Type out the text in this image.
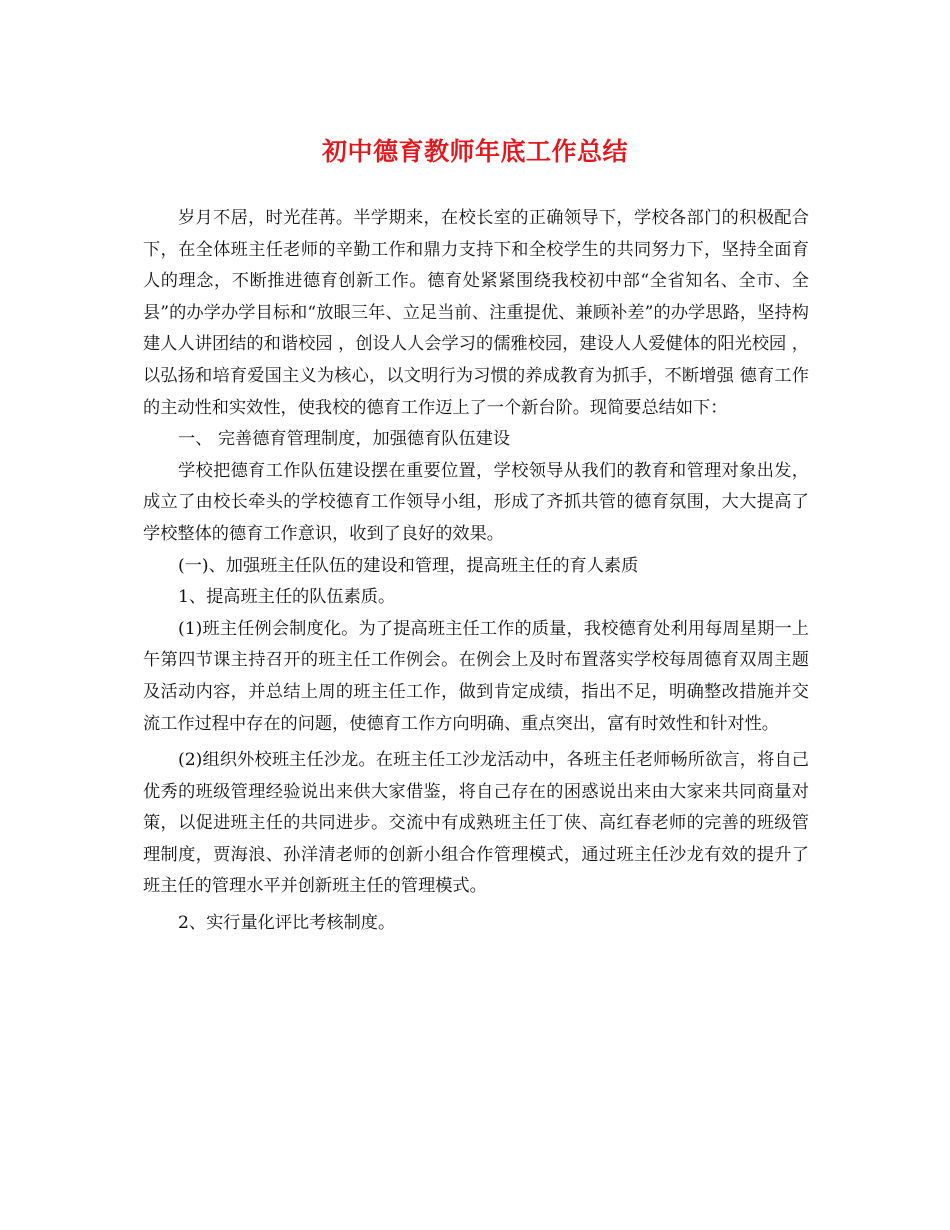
初中德育教师年底工作总结

岁月不居，时光荏苒。半学期来，在校长室的正确领导下，学校各部门的积极配合下，在全体班主任老师的辛勤工作和鼎力支持下和全校学生的共同努力下，坚持全面育人的理念，不断推进德育创新工作。德育处紧紧围绕我校初中部“全省知名、全市、全县”的办学办学目标和“放眼三年、立足当前、注重提优、兼顾补差”的办学思路，坚持构建人人讲团结的和谐校园 ，创设人人会学习的儒雅校园，建设人人爱健体的阳光校园 ，以弘扬和培育爱国主义为核心，以文明行为习惯的养成教育为抓手，不断增强 德育工作的主动性和实效性，使我校的德育工作迈上了一个新台阶。现简要总结如下：

一、 完善德育管理制度，加强德育队伍建设

学校把德育工作队伍建设摆在重要位置，学校领导从我们的教育和管理对象出发，成立了由校长牵头的学校德育工作领导小组，形成了齐抓共管的德育氛围，大大提高了学校整体的德育工作意识，收到了良好的效果。

(一)、加强班主任队伍的建设和管理，提高班主任的育人素质

1、提高班主任的队伍素质。

(1)班主任例会制度化。为了提高班主任工作的质量，我校德育处利用每周星期一上午第四节课主持召开的班主任工作例会。在例会上及时布置落实学校每周德育双周主题及活动内容，并总结上周的班主任工作，做到肯定成绩，指出不足，明确整改措施并交流工作过程中存在的问题，使德育工作方向明确、重点突出，富有时效性和针对性。

(2)组织外校班主任沙龙。在班主任工沙龙活动中，各班主任老师畅所欲言，将自己优秀的班级管理经验说出来供大家借鉴，将自己存在的困惑说出来由大家来共同商量对策，以促进班主任的共同进步。交流中有成熟班主任丁侠、高红春老师的完善的班级管理制度，贾海浪、孙洋清老师的创新小组合作管理模式，通过班主任沙龙有效的提升了班主任的管理水平并创新班主任的管理模式。

2、实行量化评比考核制度。
